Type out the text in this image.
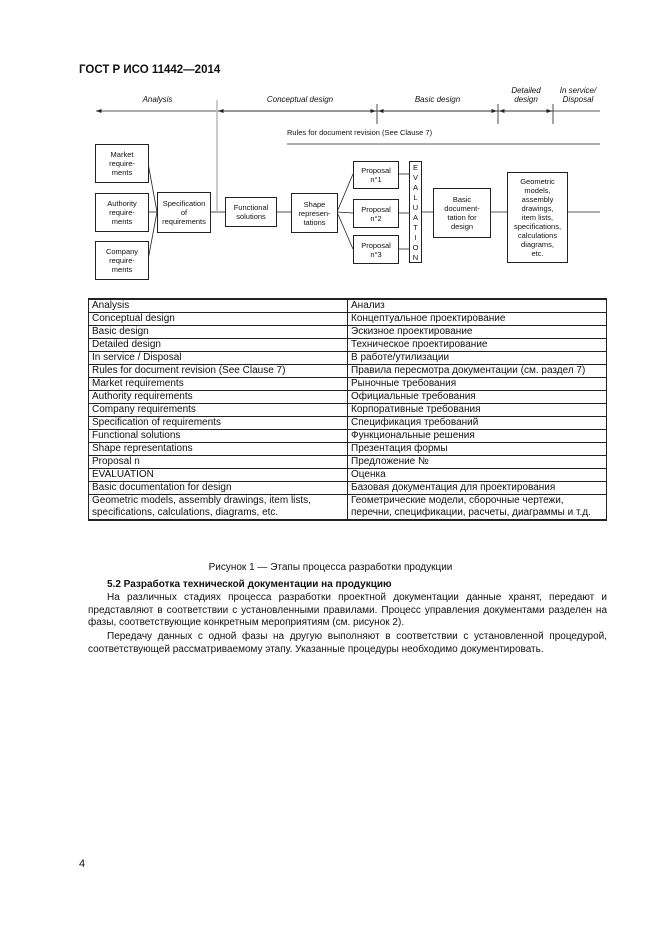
ГОСТ Р ИСО 11442—2014
Analysis	Conceptual design	Basic design
Detailed design
In service/ Disposal
Rules for document revision (See Clause 7)
Market
require-
ments
Authority
require-
ments
Company
require-
ments
Specification
of
requirements
Functional
solutions
Shape
represen-
tations
Proposal
n°1
Proposal
n°2
Proposal
n°3
E
V
A
L
U
A
T
I
O
N
Basic
document-
tation for
design
Geometric
models,
assembly
drawings,
item lists,
specifications,
calculations
diagrams,
etc.
Analysis	Анализ
Conceptual design	Концептуальное проектирование
Basic design	Эскизное проектирование
Detailed design	Техническое проектирование
In service / Disposal	В работе/утилизации
Rules for document revision (See Clause 7)	Правила пересмотра документации (см. раздел 7)
Market requirements	Рыночные требования
Authority requirements	Официальные требования
Company requirements	Корпоративные требования
Specification of requirements	Спецификация требований
Functional solutions	Функциональные решения
Shape representations	Презентация формы
Proposal n	Предложение №
EVALUATION	Оценка
Basic documentation for design	Базовая документация для проектирования
Geometric models, assembly drawings, item lists, specifications, calculations, diagrams, etc.	Геометрические модели, сборочные чертежи, перечни, спецификации, расчеты, диаграммы и т.д.
Рисунок 1 — Этапы процесса разработки продукции
5.2 Разработка технической документации на продукцию
На различных стадиях процесса разработки проектной документации данные хранят, передают и представляют в соответствии с установленными правилами. Процесс управления документами разделен на фазы, соответствующие конкретным мероприятиям (см. рисунок 2).
Передачу данных с одной фазы на другую выполняют в соответствии с установленной процедурой, соответствующей рассматриваемому этапу. Указанные процедуры необходимо документировать.
4
